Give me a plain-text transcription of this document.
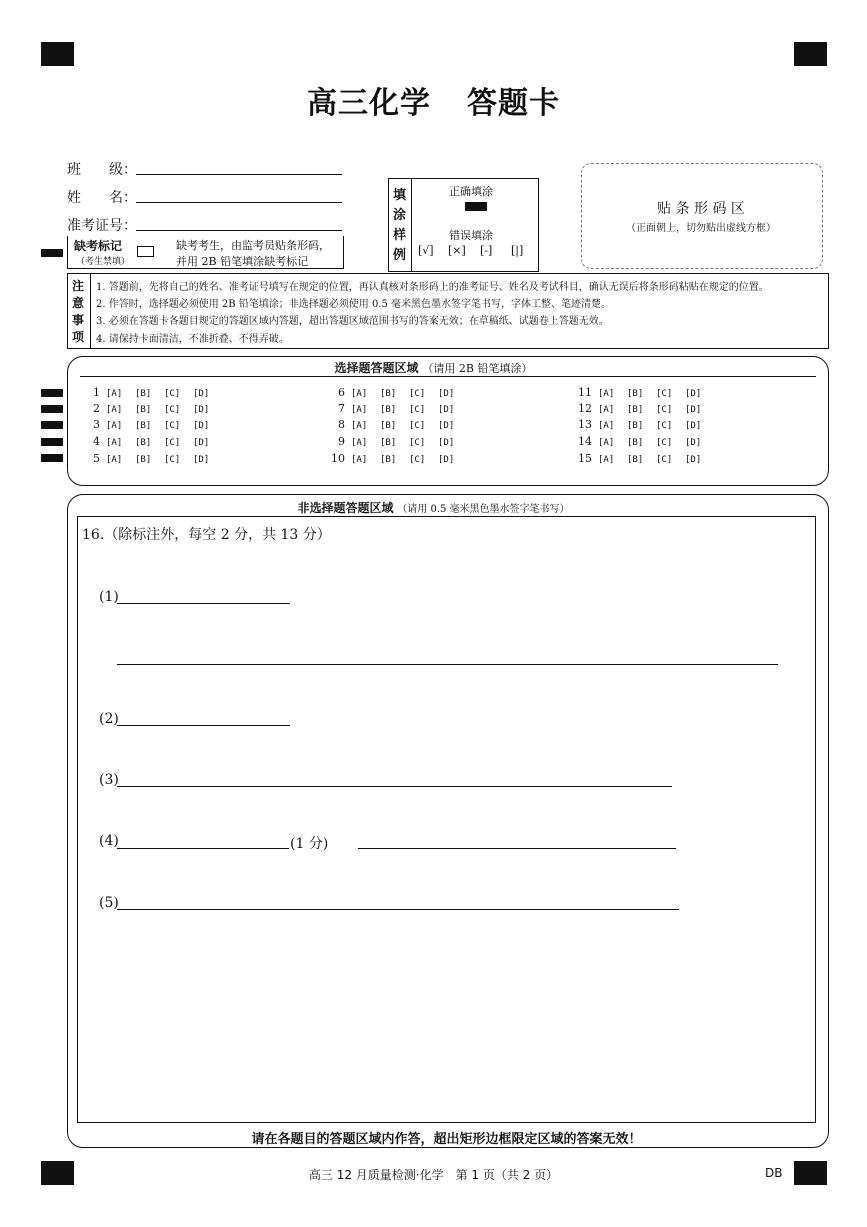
高三化学 答题卡
班　　级：
姓　　名：
准考证号：
缺考标记
（考生禁填）
缺考考生，由监考员贴条形码，
并用 2B 铅笔填涂缺考标记
填
涂
样
例
正确填涂
错误填涂
[√] [×] [-] [|]
贴 条 形 码 区
（正面朝上，切勿贴出虚线方框）
注
意
事
项
1. 答题前，先将自己的姓名、准考证号填写在规定的位置，再认真核对条形码上的准考证号、姓名及考试科目，确认无误后将条形码粘贴在规定的位置。
2. 作答时，选择题必须使用 2B 铅笔填涂；非选择题必须使用 0.5 毫米黑色墨水签字笔书写，字体工整、笔迹清楚。
3. 必须在答题卡各题目规定的答题区域内答题，超出答题区域范围书写的答案无效；在草稿纸、试题卷上答题无效。
4. 请保持卡面清洁，不准折叠、不得弄破。
选择题答题区域 （请用 2B 铅笔填涂）
1 [A] [B] [C] [D]
2 [A] [B] [C] [D]
3 [A] [B] [C] [D]
4 [A] [B] [C] [D]
5 [A] [B] [C] [D]
6 [A] [B] [C] [D]
7 [A] [B] [C] [D]
8 [A] [B] [C] [D]
9 [A] [B] [C] [D]
10 [A] [B] [C] [D]
11 [A] [B] [C] [D]
12 [A] [B] [C] [D]
13 [A] [B] [C] [D]
14 [A] [B] [C] [D]
15 [A] [B] [C] [D]
非选择题答题区域 （请用 0.5 毫米黑色墨水签字笔书写）
16.（除标注外，每空 2 分，共 13 分）
(1)
(2)
(3)
(4)	(1 分)
(5)
请在各题目的答题区域内作答，超出矩形边框限定区域的答案无效！
高三 12 月质量检测·化学　第 1 页（共 2 页）	DB
